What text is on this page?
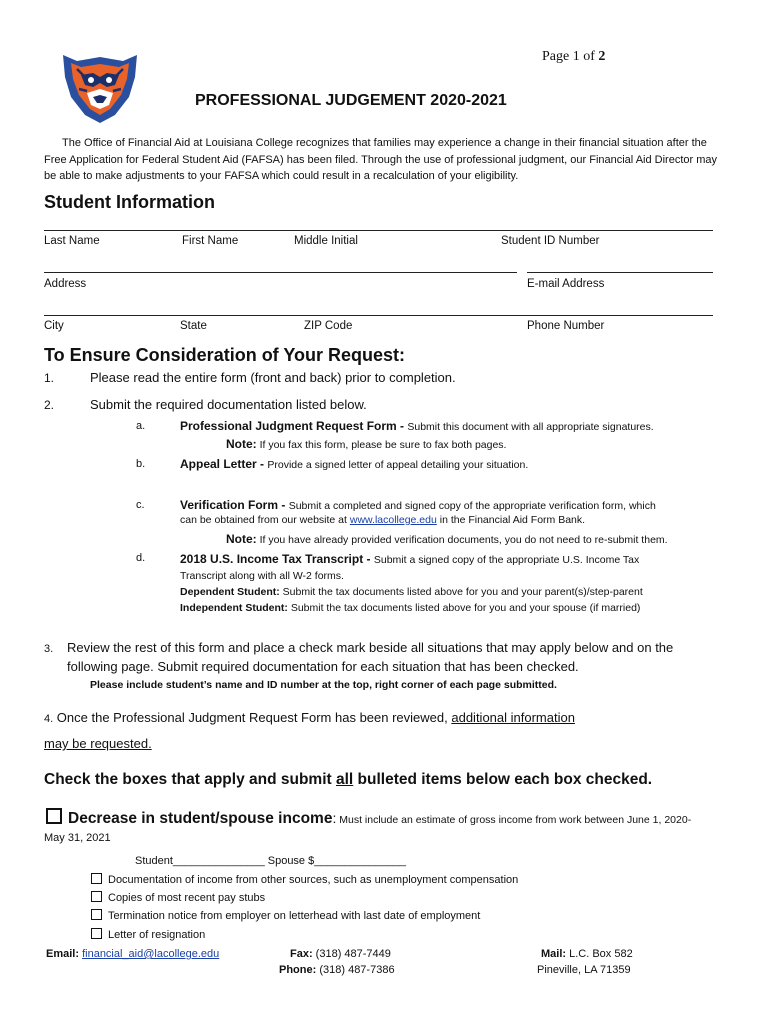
Page 1 of 2
PROFESSIONAL JUDGEMENT 2020-2021
The Office of Financial Aid at Louisiana College recognizes that families may experience a change in their financial situation after the Free Application for Federal Student Aid (FAFSA) has been filed. Through the use of professional judgment, our Financial Aid Director may be able to make adjustments to your FAFSA which could result in a recalculation of your eligibility.
Student Information
Last Name	First Name	Middle Initial	Student ID Number
Address	E-mail Address
City	State	ZIP Code	Phone Number
To Ensure Consideration of Your Request:
1.	Please read the entire form (front and back) prior to completion.
2.	Submit the required documentation listed below.
a.	Professional Judgment Request Form - Submit this document with all appropriate signatures.
Note: If you fax this form, please be sure to fax both pages.
b.	Appeal Letter - Provide a signed letter of appeal detailing your situation.
c.	Verification Form - Submit a completed and signed copy of the appropriate verification form, which
can be obtained from our website at www.lacollege.edu in the Financial Aid Form Bank.
Note: If you have already provided verification documents, you do not need to re-submit them.
d.	2018 U.S. Income Tax Transcript - Submit a signed copy of the appropriate U.S. Income Tax
Transcript along with all W-2 forms.
Dependent Student: Submit the tax documents listed above for you and your parent(s)/step-parent
Independent Student: Submit the tax documents listed above for you and your spouse (if married)
3. Review the rest of this form and place a check mark beside all situations that may apply below and on the
following page. Submit required documentation for each situation that has been checked.
Please include student’s name and ID number at the top, right corner of each page submitted.
4. Once the Professional Judgment Request Form has been reviewed, additional information
may be requested.
Check the boxes that apply and submit all bulleted items below each box checked.
Decrease in student/spouse income: Must include an estimate of gross income from work between June 1, 2020-
May 31, 2021
Student_______________ Spouse $_______________
Documentation of income from other sources, such as unemployment compensation
Copies of most recent pay stubs
Termination notice from employer on letterhead with last date of employment
Letter of resignation
Email: financial_aid@lacollege.edu	Fax: (318) 487-7449
Phone: (318) 487-7386
Mail: L.C. Box 582
Pineville, LA 71359
